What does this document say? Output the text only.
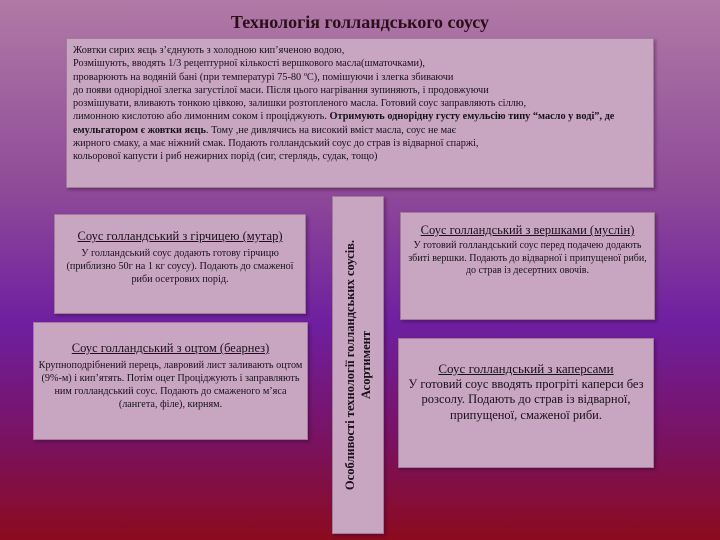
Технологія голландського соусу

Жовтки сирих яєць з’єднують з холодною кип’яченою водою,

Розмішують, вводять 1/3 рецептурної кількості вершкового масла(шматочками),

проварюють на водяній бані (при температурі 75-80 ºС), помішуючи і злегка збиваючи

до появи однорідної злегка загустілої маси. Після цього нагрівання зупиняють, і продовжуючи

розмішувати, вливають тонкою цівкою, залишки розтопленого масла. Готовий соус заправляють сіллю,

лимонною кислотою або лимонним соком і проціджують. Отримують однорідну густу емульсію типу “масло у воді”, де емульгатором є жовтки яєць. Тому ,не дивлячись на високий вміст масла, соус не має

жирного смаку, а має ніжний смак. Подають голландський соус до страв із відварної спаржі,

кольорової капусти і риб нежирних порід (сиг, стерлядь, судак, тощо)

Соус голландський з гірчицею (мутар)
У голландський соус додають готову гірчицю (приблизно 50г на 1 кг соусу). Подають до смаженої риби осетрових порід.
Соус голландський з оцтом (беарнез)
Крупноподрібнений перець, лавровий лист заливають оцтом (9%-м) і кип’ятять. Потім оцет Проціджують і заправляють ним голландський соус. Подають до смаженого м’яса (лангета, філе), кирням.	Особливості технології голландських соусів. Асортимент
Соус голландський з вершками (муслін)
У готовий голландський соус перед подачею додають збиті вершки. Подають до відварної і припущеної риби, до страв із десертних овочів.
Соус голландський з каперсами
У готовий соус вводять прогріті каперси без розсолу. Подають до страв із відварної, припущеної, смаженої риби.
